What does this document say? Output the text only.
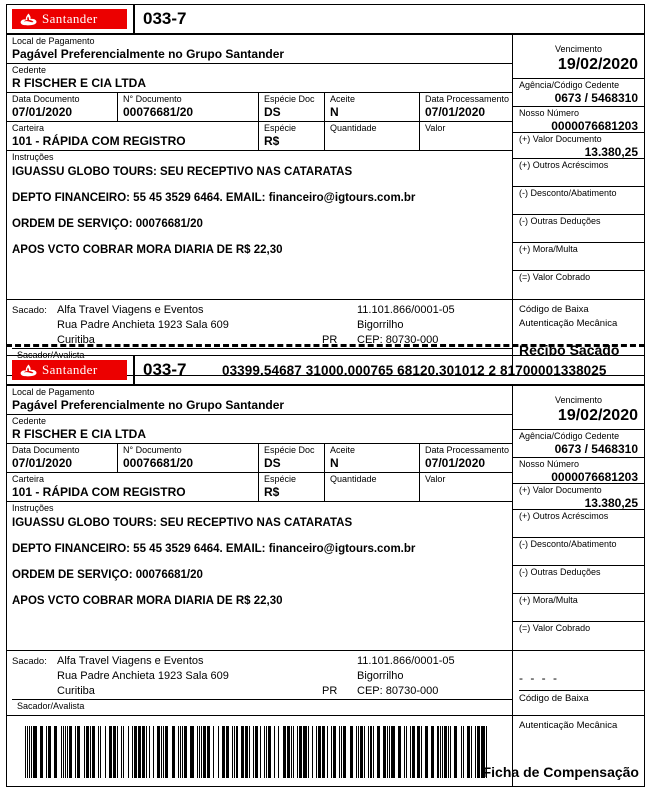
Santander	033-7
Local de Pagamento
Pagável Preferencialmente no Grupo Santander
Cedente
R FISCHER E CIA LTDA
Data Documento
07/01/2020
N° Documento
00076681/20
Espécie Doc
DS
Aceite
N
Data Processamento
07/01/2020
Carteira
101 - RÁPIDA COM REGISTRO
Espécie
R$
Quantidade	Valor
Instruções
IGUASSU GLOBO TOURS: SEU RECEPTIVO NAS CATARATAS
DEPTO FINANCEIRO: 55 45 3529 6464. EMAIL: financeiro@igtours.com.br
ORDEM DE SERVIÇO: 00076681/20
APOS VCTO COBRAR MORA DIARIA DE R$ 22,30
Vencimento
19/02/2020
Agência/Código Cedente
0673 / 5468310
Nosso Número
0000076681203
(+) Valor Documento
13.380,25
(+) Outros Acréscimos
(-) Desconto/Abatimento
(-) Outras Deduções
(+) Mora/Multa
(=) Valor Cobrado
Sacado: Alfa Travel Viagens e Eventos	11.101.866/0001-05
Rua Padre Anchieta 1923 Sala 609	Bigorrilho
Curitiba	PR	CEP: 80730-000
Sacador/Avalista
Código de Baixa
Autenticação Mecânica
Recibo Sacado
Santander	033-7	03399.54687 31000.000765 68120.301012 2 81700001338025
Local de Pagamento
Pagável Preferencialmente no Grupo Santander
Cedente
R FISCHER E CIA LTDA
Data Documento
07/01/2020
N° Documento
00076681/20
Espécie Doc
DS
Aceite
N
Data Processamento
07/01/2020
Carteira
101 - RÁPIDA COM REGISTRO
Espécie
R$
Quantidade	Valor
Instruções
IGUASSU GLOBO TOURS: SEU RECEPTIVO NAS CATARATAS
DEPTO FINANCEIRO: 55 45 3529 6464. EMAIL: financeiro@igtours.com.br
ORDEM DE SERVIÇO: 00076681/20
APOS VCTO COBRAR MORA DIARIA DE R$ 22,30
Vencimento
19/02/2020
Agência/Código Cedente
0673 / 5468310
Nosso Número
0000076681203
(+) Valor Documento
13.380,25
(+) Outros Acréscimos
(-) Desconto/Abatimento
(-) Outras Deduções
(+) Mora/Multa
(=) Valor Cobrado
Sacado: Alfa Travel Viagens e Eventos	11.101.866/0001-05
Rua Padre Anchieta 1923 Sala 609	Bigorrilho
Curitiba	PR	CEP: 80730-000
Sacador/Avalista
- - - -
Código de Baixa
Autenticação Mecânica
Ficha de Compensação
